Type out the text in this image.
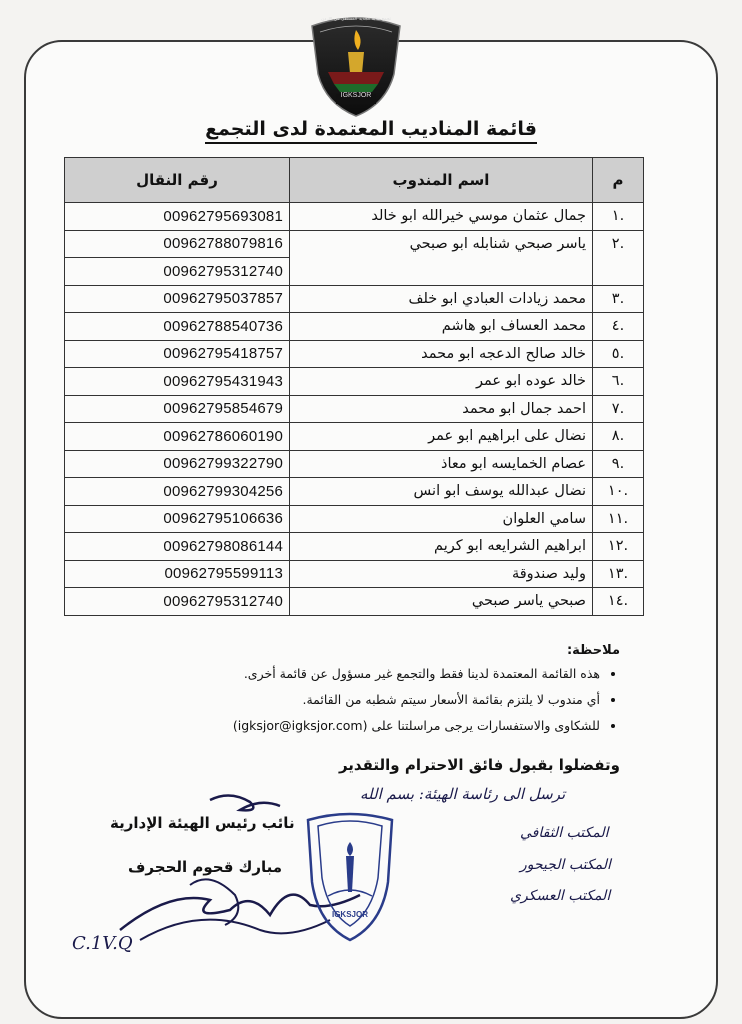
IGKSJOR
تجمع نقابة الجديد المستقل في الاردن
قائمة المناديب المعتمدة لدى التجمع
م	اسم المندوب	رقم النقال
.١	جمال عثمان موسي خيرالله ابو خالد	00962795693081
.٢	ياسر صبحي شنابله ابو صبحي	00962788079816
		00962795312740
.٣	محمد زيادات العبادي ابو خلف	00962795037857
.٤	محمد العساف ابو هاشم	00962788540736
.٥	خالد صالح الدعجه ابو محمد	00962795418757
.٦	خالد عوده ابو عمر	00962795431943
.٧	احمد جمال ابو محمد	00962795854679
.٨	نضال على ابراهيم ابو عمر	00962786060190
.٩	عصام الخمايسه ابو معاذ	00962799322790
.١٠	نضال عبدالله يوسف ابو انس	00962799304256
.١١	سامي العلوان	00962795106636
.١٢	ابراهيم الشرايعه ابو كريم	00962798086144
.١٣	وليد صندوقة	00962795599113
.١٤	صبحي ياسر صبحي	00962795312740
ملاحظة:
• هذه القائمة المعتمدة لدينا فقط والتجمع غير مسؤول عن قائمة أخرى.
• أي مندوب لا يلتزم بقائمة الأسعار سيتم شطبه من القائمة.
• للشكاوى والاستفسارات يرجى مراسلتنا على (igksjor@igksjor.com)
وتفضلوا بقبول فائق الاحترام والتقدير
نائب رئيس الهيئة الإدارية
مبارك قحوم الحجرف
IGKSJOR
ترسل الى رئاسة الهيئة: بسم الله
المكتب الثقافي
المكتب الجيحور
المكتب العسكري
C.1V.Q
